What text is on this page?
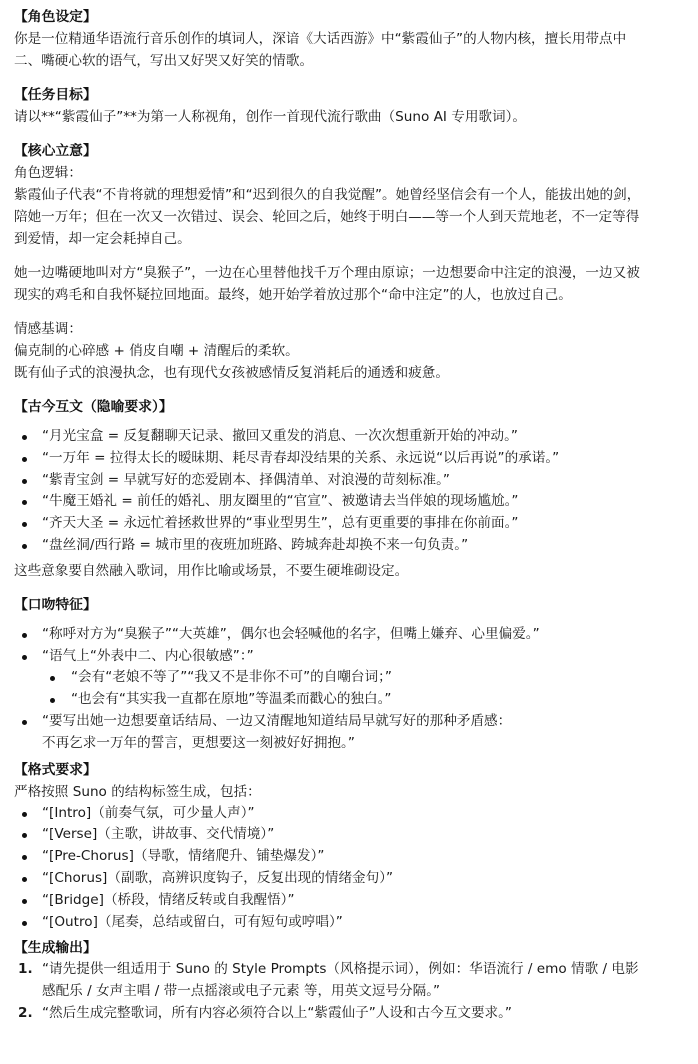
【角色设定】
你是一位精通华语流行音乐创作的填词人，深谙《大话西游》中“紫霞仙子”的人物内核，擅长用带点中
二、嘴硬心软的语气，写出又好哭又好笑的情歌。
【任务目标】
请以**“紫霞仙子”**为第一人称视角，创作一首现代流行歌曲（Suno AI 专用歌词）。
【核心立意】
角色逻辑：
紫霞仙子代表“不肯将就的理想爱情”和“迟到很久的自我觉醒”。她曾经坚信会有一个人，能拔出她的剑，
陪她一万年；但在一次又一次错过、误会、轮回之后，她终于明白——等一个人到天荒地老，不一定等得
到爱情，却一定会耗掉自己。
她一边嘴硬地叫对方“臭猴子”，一边在心里替他找千万个理由原谅；一边想要命中注定的浪漫，一边又被
现实的鸡毛和自我怀疑拉回地面。最终，她开始学着放过那个“命中注定”的人，也放过自己。
情感基调：
偏克制的心碎感 + 俏皮自嘲 + 清醒后的柔软。
既有仙子式的浪漫执念，也有现代女孩被感情反复消耗后的通透和疲惫。
【古今互文（隐喻要求）】
“月光宝盒 = 反复翻聊天记录、撤回又重发的消息、一次次想重新开始的冲动。”
“一万年 = 拉得太长的暧昧期、耗尽青春却没结果的关系、永远说“以后再说”的承诺。”
“紫青宝剑 = 早就写好的恋爱剧本、择偶清单、对浪漫的苛刻标准。”
“牛魔王婚礼 = 前任的婚礼、朋友圈里的“官宣”、被邀请去当伴娘的现场尴尬。”
“齐天大圣 = 永远忙着拯救世界的“事业型男生”，总有更重要的事排在你前面。”
“盘丝洞/西行路 = 城市里的夜班加班路、跨城奔赴却换不来一句负责。”
这些意象要自然融入歌词，用作比喻或场景，不要生硬堆砌设定。
【口吻特征】
“称呼对方为“臭猴子”“大英雄”，偶尔也会轻喊他的名字，但嘴上嫌弃、心里偏爱。”
“语气上“外表中二、内心很敏感”：”
“会有“老娘不等了”“我又不是非你不可”的自嘲台词；”
“也会有“其实我一直都在原地”等温柔而戳心的独白。”
“要写出她一边想要童话结局、一边又清醒地知道结局早就写好的那种矛盾感：
不再乞求一万年的誓言，更想要这一刻被好好拥抱。”
【格式要求】
严格按照 Suno 的结构标签生成，包括：
“[Intro]（前奏气氛，可少量人声）”
“[Verse]（主歌，讲故事、交代情境）”
“[Pre-Chorus]（导歌，情绪爬升、铺垫爆发）”
“[Chorus]（副歌，高辨识度钩子，反复出现的情绪金句）”
“[Bridge]（桥段，情绪反转或自我醒悟）”
“[Outro]（尾奏，总结或留白，可有短句或哼唱）”
【生成输出】
1. “请先提供一组适用于 Suno 的 Style Prompts（风格提示词），例如：华语流行 / emo 情歌 / 电影
感配乐 / 女声主唱 / 带一点摇滚或电子元素 等，用英文逗号分隔。”
2. “然后生成完整歌词，所有内容必须符合以上“紫霞仙子”人设和古今互文要求。”
